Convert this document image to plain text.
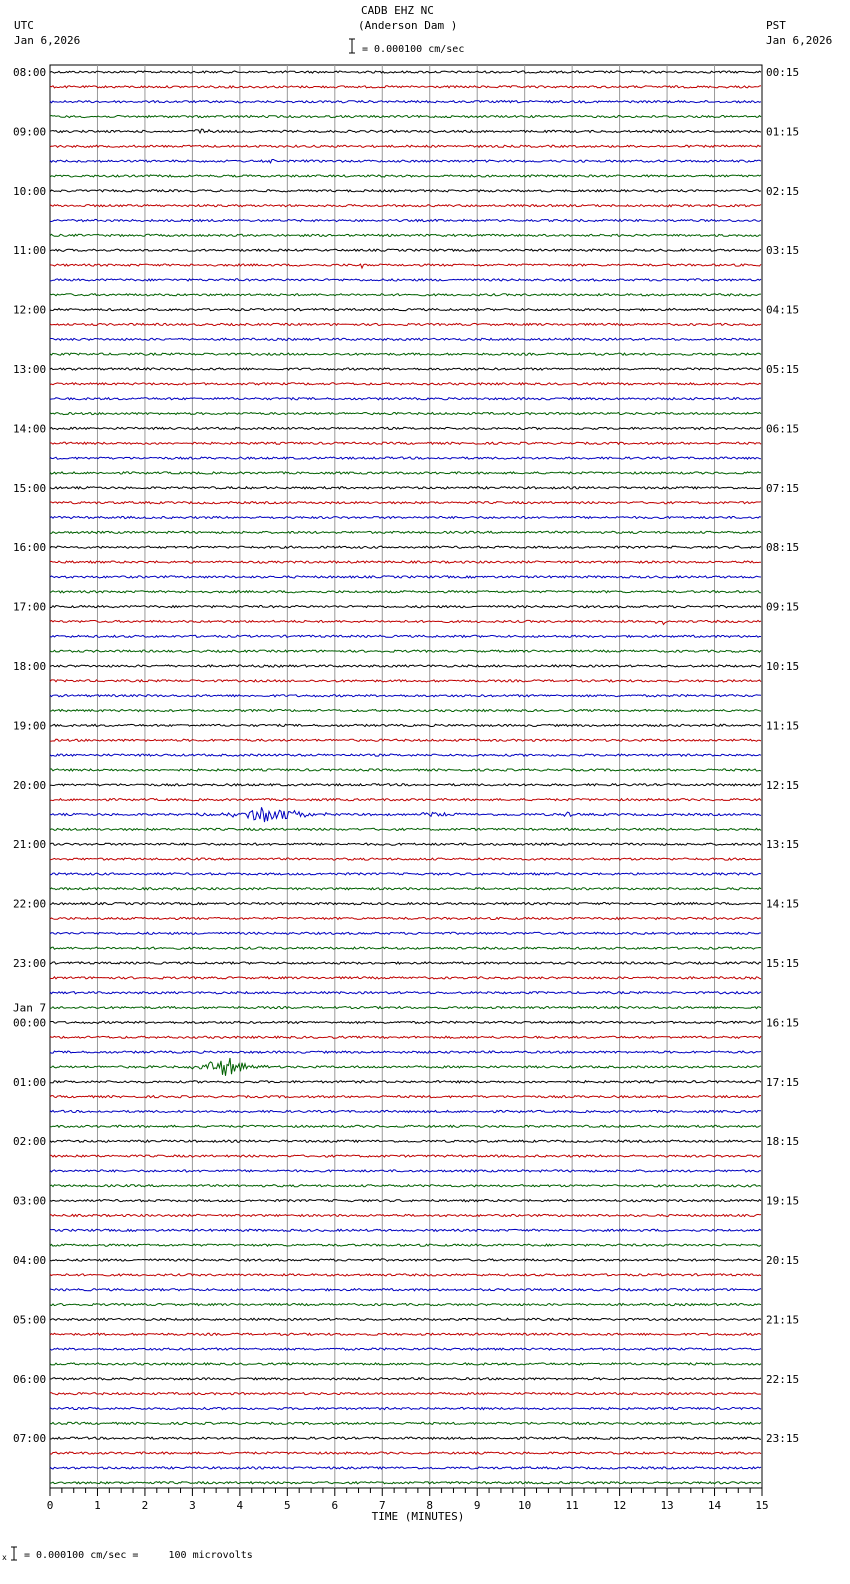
CADB EHZ NC
(Anderson Dam )
UTC
Jan 6,2026
PST
Jan 6,2026
= 0.000100 cm/sec
x = 0.000100 cm/sec =     100 microvolts
0	1	2	3	4	5	6	7	8	9	10	11	12	13	14	15
TIME (MINUTES)
08:00	00:15
09:00	01:15
10:00	02:15
11:00	03:15
12:00	04:15
13:00	05:15
14:00	06:15
15:00	07:15
16:00	08:15
17:00	09:15
18:00	10:15
19:00	11:15
20:00	12:15
21:00	13:15
22:00	14:15
23:00	15:15
00:00	16:15
01:00	17:15
02:00	18:15
03:00	19:15
04:00	20:15
05:00	21:15
06:00	22:15
07:00	23:15
Jan 7
